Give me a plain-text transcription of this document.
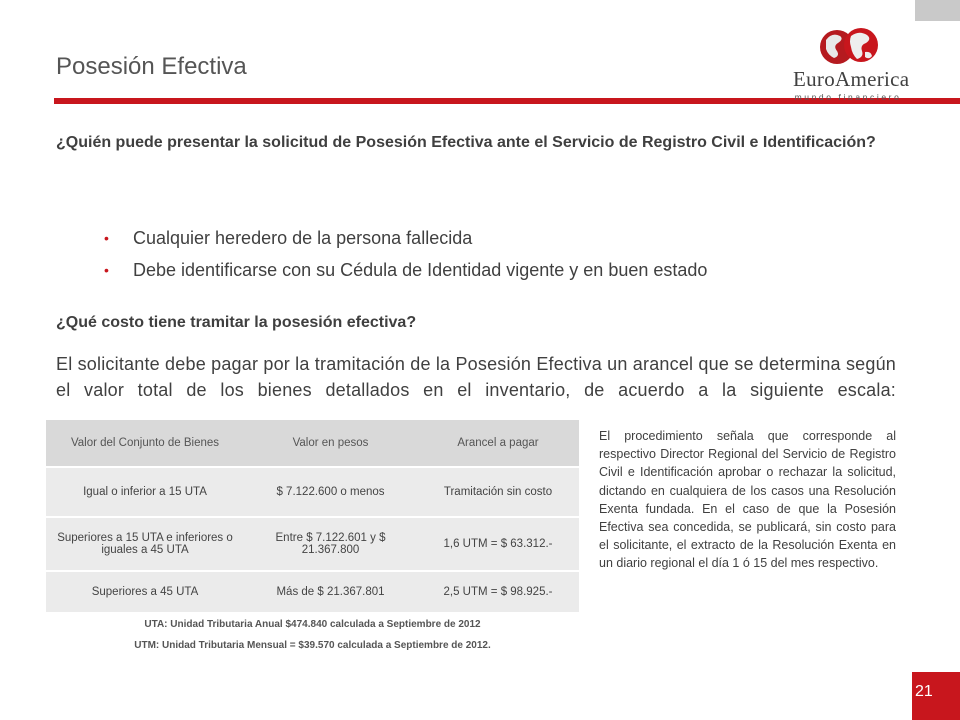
Posesión Efectiva	EuroAmerica
mundo financiero
¿Quién puede presentar la solicitud de Posesión Efectiva ante el Servicio de Registro Civil e Identificación?
• Cualquier heredero de la persona fallecida
• Debe identificarse con su Cédula de Identidad vigente y en buen estado
¿Qué costo tiene tramitar la posesión efectiva?
El solicitante debe pagar por la tramitación de la Posesión Efectiva un arancel que se determina según el valor total de los bienes detallados en el inventario, de acuerdo a la siguiente escala:
Valor del Conjunto de Bienes	Valor en pesos	Arancel a pagar
Igual o inferior a 15 UTA	$ 7.122.600 o menos	Tramitación sin costo
Superiores a 15 UTA e inferiores o iguales a 45 UTA	Entre $ 7.122.601 y $ 21.367.800	1,6 UTM = $ 63.312.-
Superiores a 45 UTA	Más de $ 21.367.801	2,5 UTM = $ 98.925.-
UTA: Unidad Tributaria Anual $474.840 calculada a Septiembre de 2012
UTM: Unidad Tributaria Mensual = $39.570 calculada a Septiembre de 2012.
El procedimiento señala que corresponde al respectivo Director Regional del Servicio de Registro Civil e Identificación aprobar o rechazar la solicitud, dictando en cualquiera de los casos una Resolución Exenta fundada. En el caso de que la Posesión Efectiva sea concedida, se publicará, sin costo para el solicitante, el extracto de la Resolución Exenta en un diario regional el día 1 ó 15 del mes respectivo.
21
